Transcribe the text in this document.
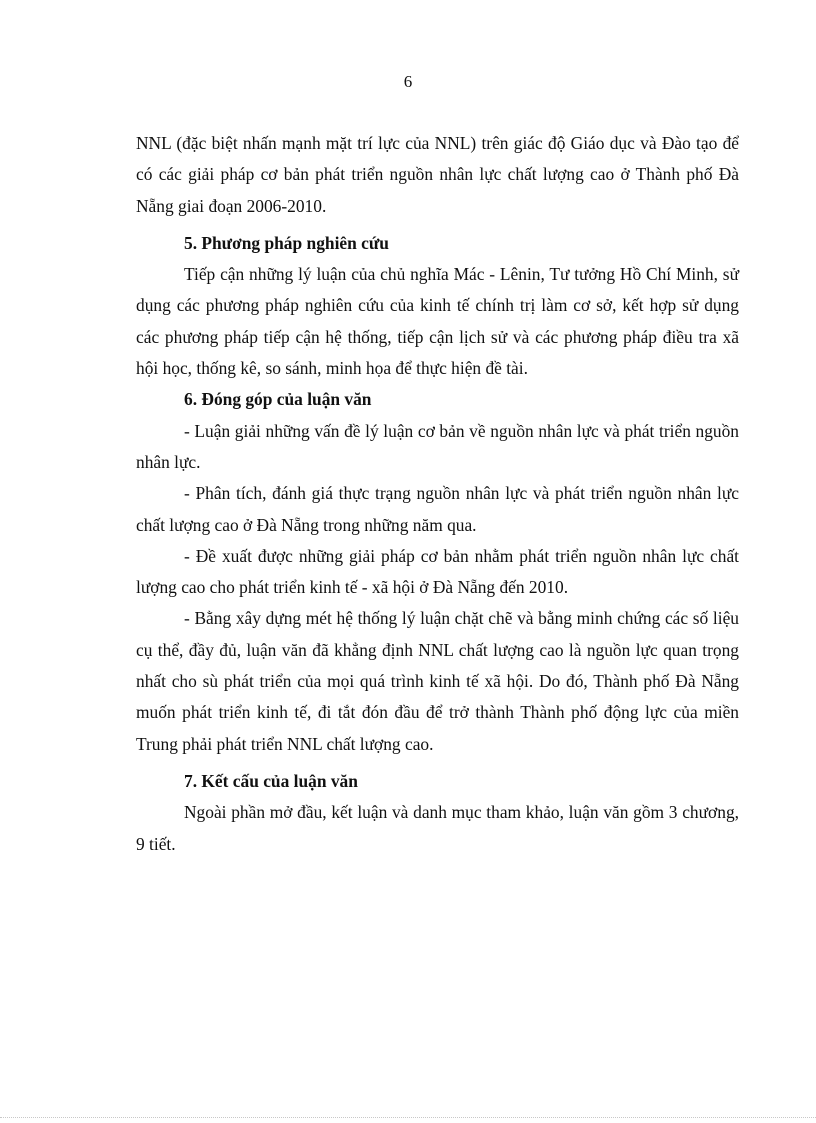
6

NNL (đặc biệt nhấn mạnh mặt trí lực của NNL) trên giác độ Giáo dục và Đào tạo để có các giải pháp cơ bản phát triển nguồn nhân lực chất lượng cao ở Thành phố Đà Nẵng giai đoạn 2006-2010.

5. Phương pháp nghiên cứu

Tiếp cận những lý luận của chủ nghĩa Mác - Lênin, Tư tưởng Hồ Chí Minh, sử dụng các phương pháp nghiên cứu của kinh tế chính trị làm cơ sở, kết hợp sử dụng các phương pháp tiếp cận hệ thống, tiếp cận lịch sử và các phương pháp điều tra xã hội học, thống kê, so sánh, minh họa để thực hiện đề tài.

6. Đóng góp của luận văn

- Luận giải những vấn đề lý luận cơ bản về nguồn nhân lực và phát triển nguồn nhân lực.

- Phân tích, đánh giá thực trạng nguồn nhân lực và phát triển nguồn nhân lực chất lượng cao ở Đà Nẵng trong những năm qua.

- Đề xuất được những giải pháp cơ bản nhằm phát triển nguồn nhân lực chất lượng cao cho phát triển kinh tế - xã hội ở Đà Nẵng đến 2010.

- Bằng xây dựng mét hệ thống lý luận chặt chẽ và bằng minh chứng các số liệu cụ thể, đầy đủ, luận văn đã khẳng định NNL chất lượng cao là nguồn lực quan trọng nhất cho sù phát triển của mọi quá trình kinh tế xã hội. Do đó, Thành phố Đà Nẵng muốn phát triển kinh tế, đi tắt đón đầu để trở thành Thành phố động lực của miền Trung phải phát triển NNL chất lượng cao.

7. Kết cấu của luận văn

Ngoài phần mở đầu, kết luận và danh mục tham khảo, luận văn gồm 3 chương, 9 tiết.
